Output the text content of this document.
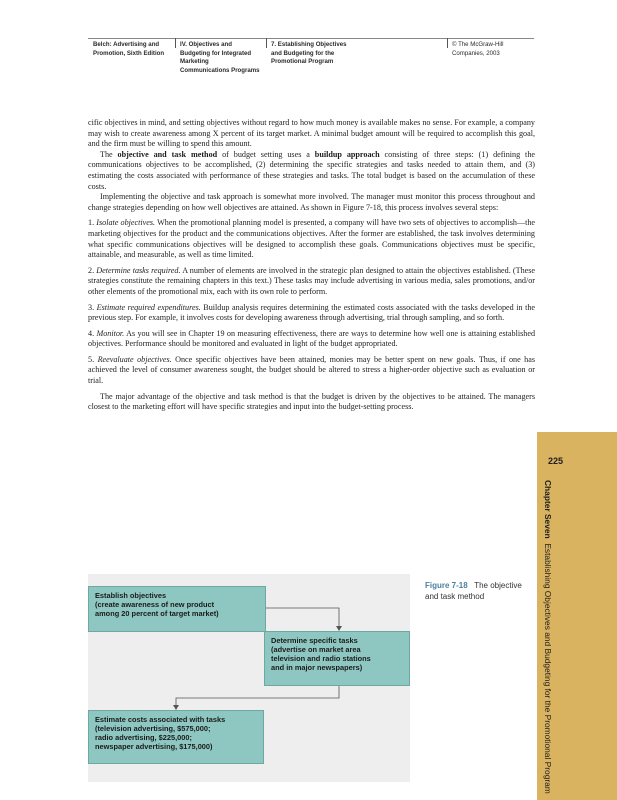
Belch: Advertising and
Promotion, Sixth Edition
IV. Objectives and
Budgeting for Integrated
Marketing
Communications Programs
7. Establishing Objectives
and Budgeting for the
Promotional Program
© The McGraw-Hill
Companies, 2003

cific objectives in mind, and setting objectives without regard to how much money is available makes no sense. For example, a company may wish to create awareness among X percent of its target market. A minimal budget amount will be required to accomplish this goal, and the firm must be willing to spend this amount.

The objective and task method of budget setting uses a buildup approach consisting of three steps: (1) defining the communications objectives to be accomplished, (2) determining the specific strategies and tasks needed to attain them, and (3) estimating the costs associated with performance of these strategies and tasks. The total budget is based on the accumulation of these costs.

Implementing the objective and task approach is somewhat more involved. The manager must monitor this process throughout and change strategies depending on how well objectives are attained. As shown in Figure 7-18, this process involves several steps:

1. Isolate objectives. When the promotional planning model is presented, a company will have two sets of objectives to accomplish—the marketing objectives for the product and the communications objectives. After the former are established, the task involves determining what specific communications objectives will be designed to accomplish these goals. Communications objectives must be specific, attainable, and measurable, as well as time limited.
2. Determine tasks required. A number of elements are involved in the strategic plan designed to attain the objectives established. (These strategies constitute the remaining chapters in this text.) These tasks may include advertising in various media, sales promotions, and/or other elements of the promotional mix, each with its own role to perform.
3. Estimate required expenditures. Buildup analysis requires determining the estimated costs associated with the tasks developed in the previous step. For example, it involves costs for developing awareness through advertising, trial through sampling, and so forth.
4. Monitor. As you will see in Chapter 19 on measuring effectiveness, there are ways to determine how well one is attaining established objectives. Performance should be monitored and evaluated in light of the budget appropriated.
5. Reevaluate objectives. Once specific objectives have been attained, monies may be better spent on new goals. Thus, if one has achieved the level of consumer awareness sought, the budget should be altered to stress a higher-order objective such as evaluation or trial.

The major advantage of the objective and task method is that the budget is driven by the objectives to be attained. The managers closest to the marketing effort will have specific strategies and input into the budget-setting process.

225
Chapter Seven  Establishing Objectives and Budgeting for the Promotional Program
Figure 7-18 The objective and task method
Establish objectives
(create awareness of new product
among 20 percent of target market)
Determine specific tasks
(advertise on market area
television and radio stations
and in major newspapers)
Estimate costs associated with tasks
(television advertising, $575,000;
radio advertising, $225,000;
newspaper advertising, $175,000)
